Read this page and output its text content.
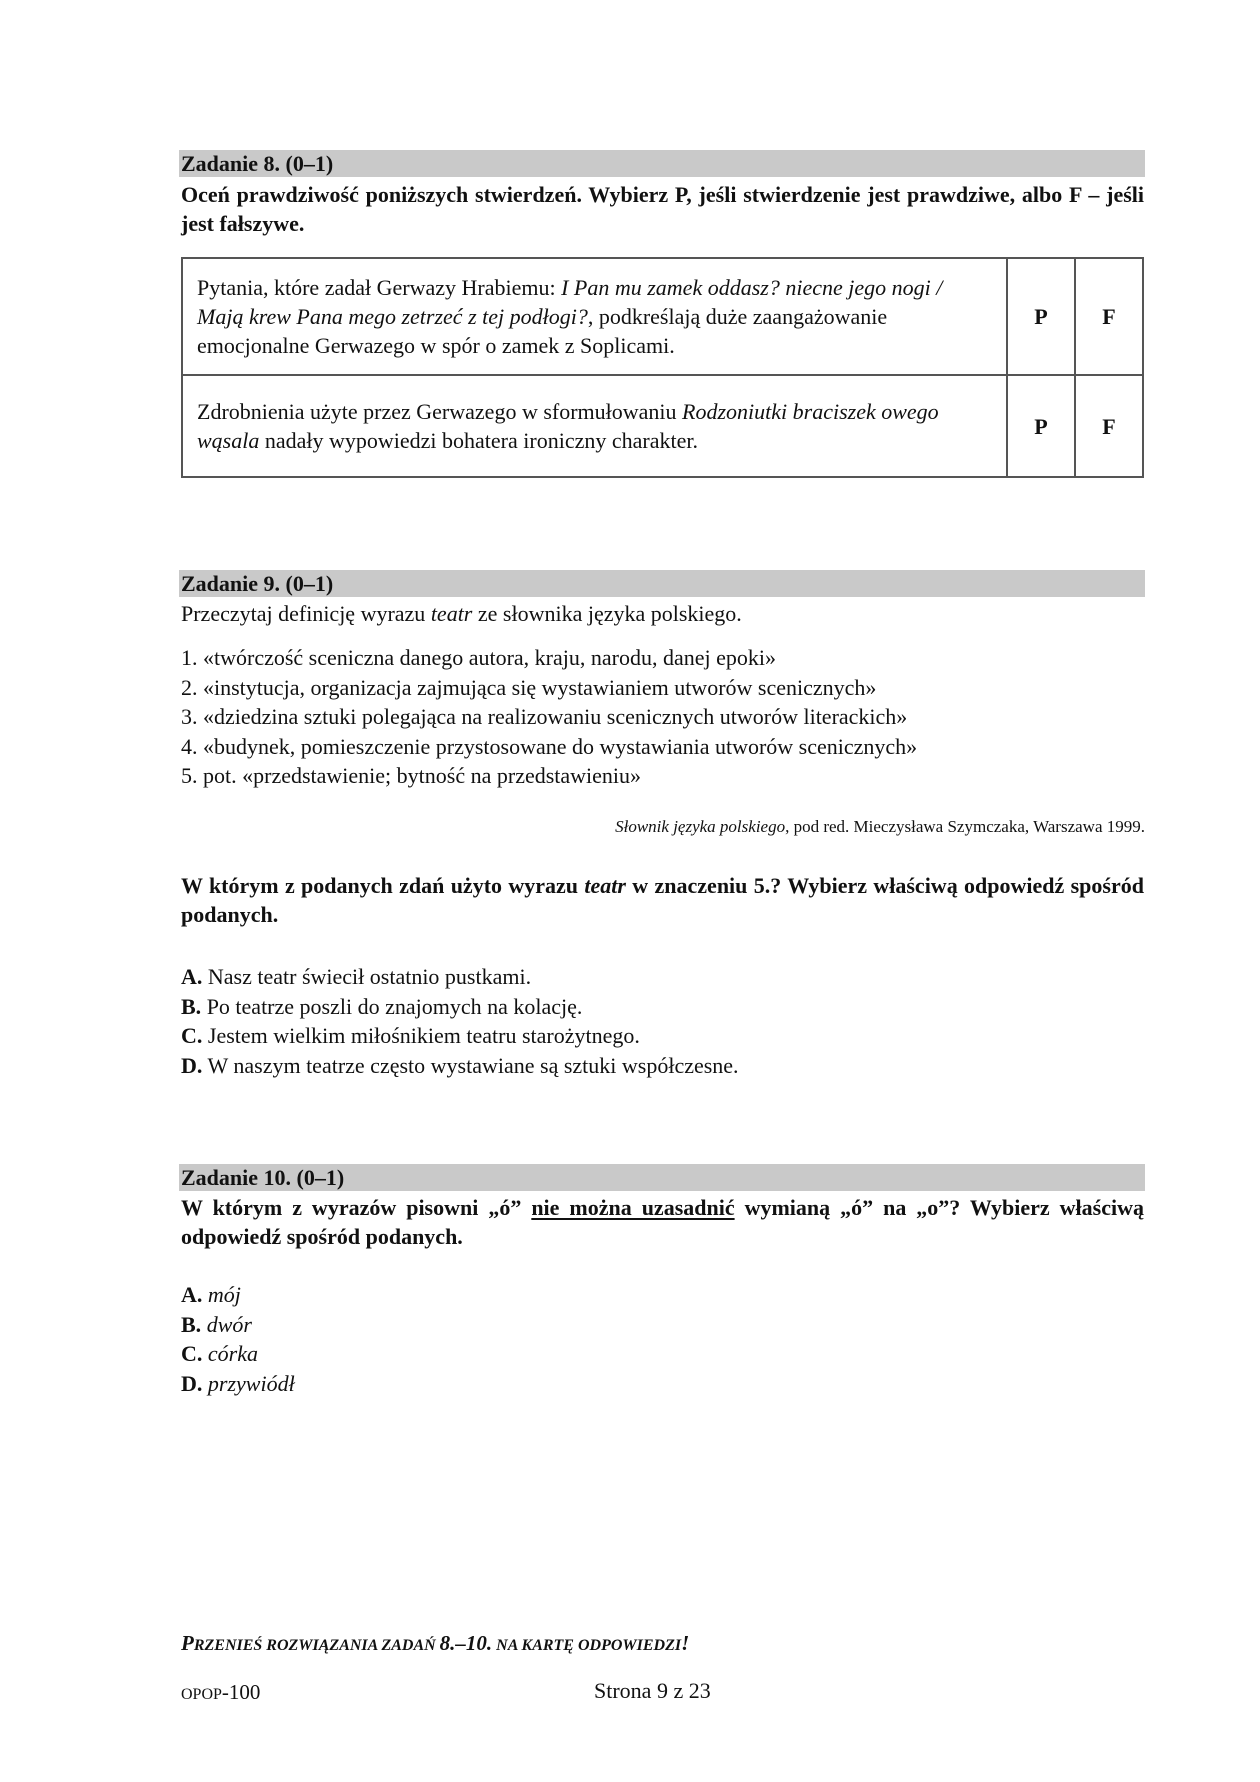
Zadanie 8. (0–1)
Oceń prawdziwość poniższych stwierdzeń. Wybierz P, jeśli stwierdzenie jest prawdziwe, albo F – jeśli jest fałszywe.
Pytania, które zadał Gerwazy Hrabiemu: I Pan mu zamek oddasz? niecne jego nogi / Mają krew Pana mego zetrzeć z tej podłogi?, podkreślają duże zaangażowanie emocjonalne Gerwazego w spór o zamek z Soplicami.	P	F
Zdrobnienia użyte przez Gerwazego w sformułowaniu Rodzoniutki braciszek owego wąsala nadały wypowiedzi bohatera ironiczny charakter.	P	F
Zadanie 9. (0–1)
Przeczytaj definicję wyrazu teatr ze słownika języka polskiego.
1. «twórczość sceniczna danego autora, kraju, narodu, danej epoki»
2. «instytucja, organizacja zajmująca się wystawianiem utworów scenicznych»
3. «dziedzina sztuki polegająca na realizowaniu scenicznych utworów literackich»
4. «budynek, pomieszczenie przystosowane do wystawiania utworów scenicznych»
5. pot. «przedstawienie; bytność na przedstawieniu»
Słownik języka polskiego, pod red. Mieczysława Szymczaka, Warszawa 1999.
W którym z podanych zdań użyto wyrazu teatr w znaczeniu 5.? Wybierz właściwą odpowiedź spośród podanych.
A. Nasz teatr świecił ostatnio pustkami.
B. Po teatrze poszli do znajomych na kolację.
C. Jestem wielkim miłośnikiem teatru starożytnego.
D. W naszym teatrze często wystawiane są sztuki współczesne.
Zadanie 10. (0–1)
W którym z wyrazów pisowni „ó” nie można uzasadnić wymianą „ó” na „o”? Wybierz właściwą odpowiedź spośród podanych.
A. mój
B. dwór
C. córka
D. przywiódł
PRZENIEŚ ROZWIĄZANIA ZADAŃ 8.–10. NA KARTĘ ODPOWIEDZI!
OPOP-100	Strona 9 z 23
